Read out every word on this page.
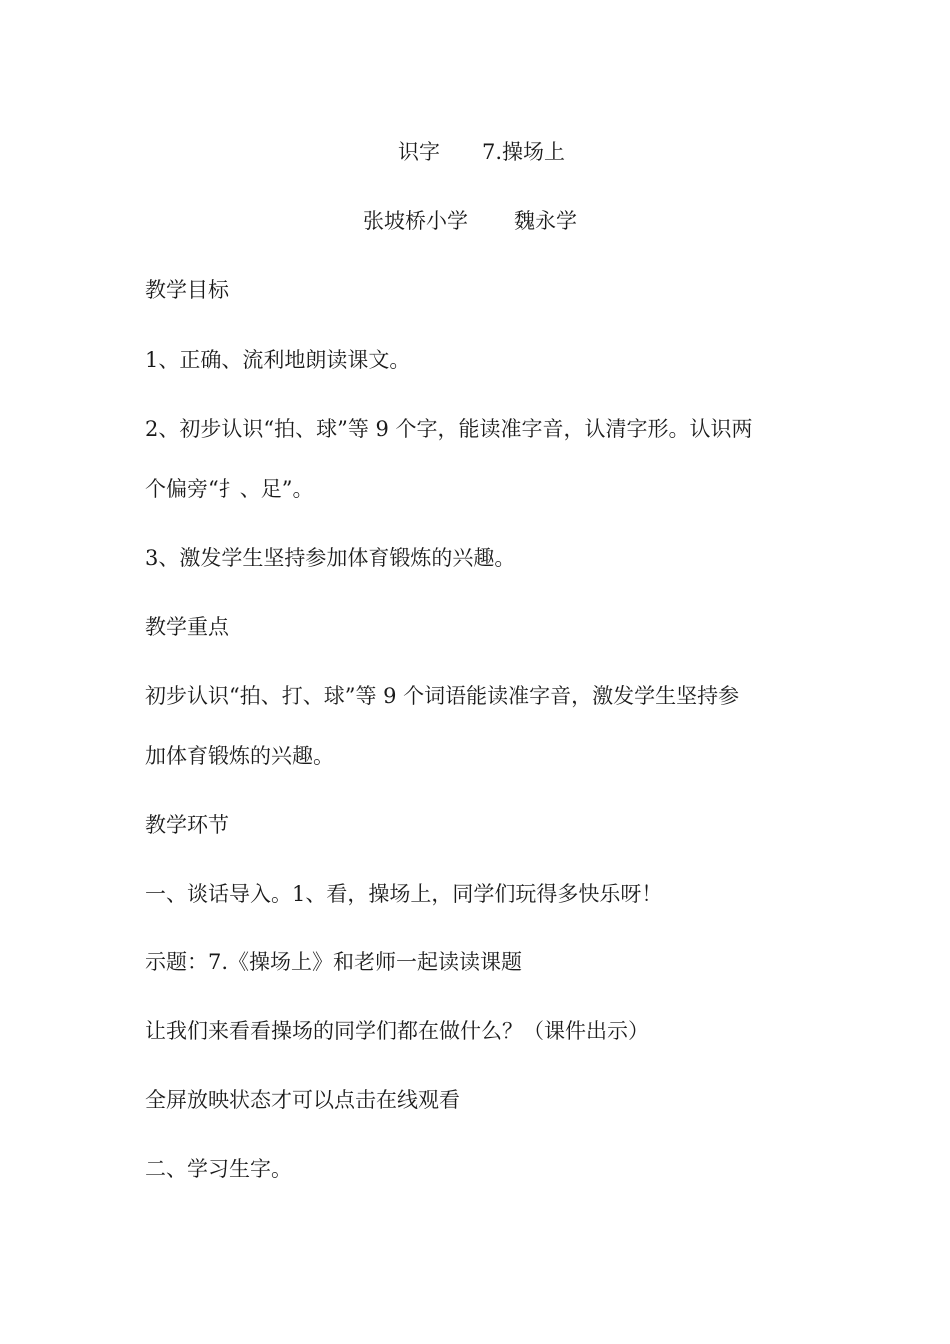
识字 7.操场上
张坡桥小学 魏永学
教学目标
1、正确、流利地朗读课文。
2、初步认识“拍、球”等 9 个字，能读准字音，认清字形。认识两
个偏旁“扌、足”。
3、激发学生坚持参加体育锻炼的兴趣。
教学重点
初步认识“拍、打、球”等 9 个词语能读准字音，激发学生坚持参
加体育锻炼的兴趣。
教学环节
一、谈话导入。1、看，操场上，同学们玩得多快乐呀！
示题：7.《操场上》和老师一起读读课题
让我们来看看操场的同学们都在做什么？（课件出示）
全屏放映状态才可以点击在线观看
二、学习生字。
